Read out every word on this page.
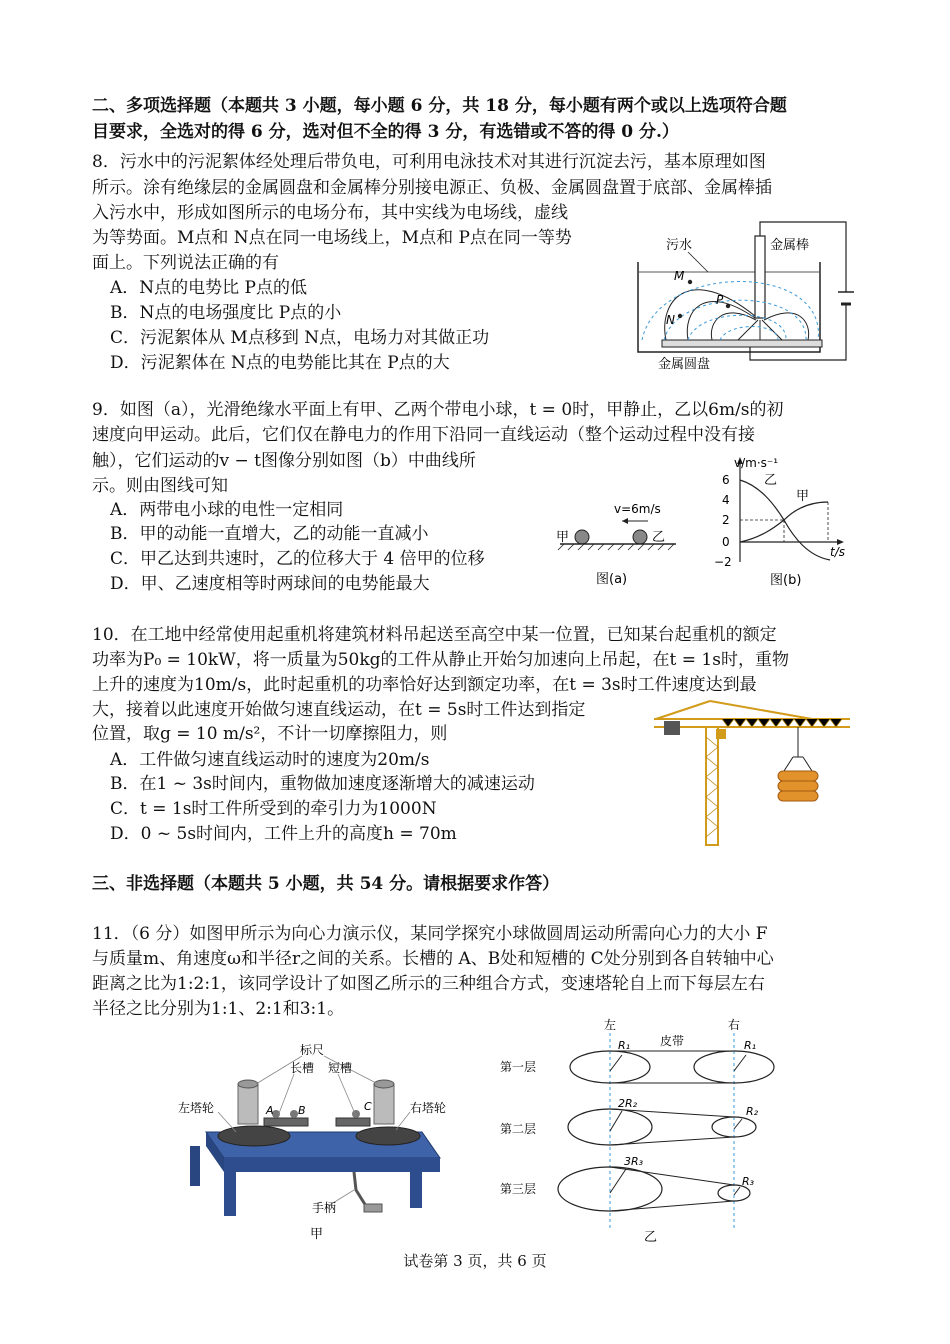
二、多项选择题（本题共 3 小题，每小题 6 分，共 18 分，每小题有两个或以上选项符合题
目要求，全选对的得 6 分，选对但不全的得 3 分，有选错或不答的得 0 分.）
8．污水中的污泥絮体经处理后带负电，可利用电泳技术对其进行沉淀去污，基本原理如图
所示。涂有绝缘层的金属圆盘和金属棒分别接电源正、负极、金属圆盘置于底部、金属棒插
入污水中，形成如图所示的电场分布，其中实线为电场线，虚线
为等势面。M点和 N点在同一电场线上，M点和 P点在同一等势
面上。下列说法正确的有
A．N点的电势比 P点的低
B．N点的电场强度比 P点的小
C．污泥絮体从 M点移到 N点，电场力对其做正功
D．污泥絮体在 N点的电势能比其在 P点的大
污水	金属棒
M
N
P
金属圆盘
9．如图（a），光滑绝缘水平面上有甲、乙两个带电小球，t = 0时，甲静止，乙以6m/s的初
速度向甲运动。此后，它们仅在静电力的作用下沿同一直线运动（整个运动过程中没有接
触），它们运动的v − t图像分别如图（b）中曲线所
示。则由图线可知
A．两带电小球的电性一定相同
B．甲的动能一直增大，乙的动能一直减小
C．甲乙达到共速时，乙的位移大于 4 倍甲的位移
D．甲、乙速度相等时两球间的电势能最大
v=6m/s
甲	乙
图(a)
v/m·s⁻¹
t/s
6
4
2
0
−2
乙
甲
图(b)
10．在工地中经常使用起重机将建筑材料吊起送至高空中某一位置，已知某台起重机的额定
功率为P₀ = 10kW，将一质量为50kg的工件从静止开始匀加速向上吊起，在t = 1s时，重物
上升的速度为10m/s，此时起重机的功率恰好达到额定功率，在t = 3s时工件速度达到最
大，接着以此速度开始做匀速直线运动，在t = 5s时工件达到指定
位置，取g = 10 m/s²，不计一切摩擦阻力，则
A．工件做匀速直线运动时的速度为20m/s
B．在1 ~ 3s时间内，重物做加速度逐渐增大的减速运动
C．t = 1s时工件所受到的牵引力为1000N
D．0 ~ 5s时间内，工件上升的高度h = 70m
三、非选择题（本题共 5 小题，共 54 分。请根据要求作答）
11．（6 分）如图甲所示为向心力演示仪，某同学探究小球做圆周运动所需向心力的大小 F
与质量m、角速度ω和半径r之间的关系。长槽的 A、B处和短槽的 C处分别到各自转轴中心
距离之比为1:2:1，该同学设计了如图乙所示的三种组合方式，变速塔轮自上而下每层左右
半径之比分别为1:1、2:1和3:1。
标尺
长槽 短槽
左塔轮	右塔轮
A B	C
手柄
甲
左	右
皮带
第一层
R₁	R₁
第二层
2R₂
R₂
第三层
3R₃
R₃
乙
试卷第 3 页，共 6 页
